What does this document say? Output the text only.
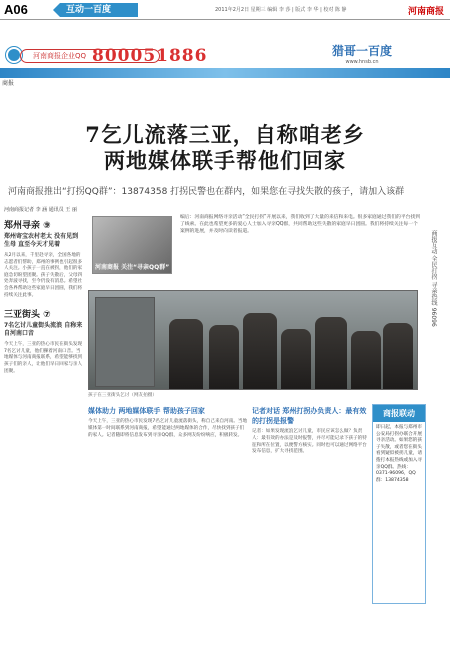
A06	互动一百度	2011年2月2日 星期三 编辑 李 莎 | 版式 李 华 | 校对 陈 静	河南商报
河南商报企业QQ 800051886	猎哥一百度
www.hnsb.cn
商报
7乞儿流落三亚，自称咱老乡
两地媒体联手帮他们回家
河南商报推出“打拐QQ群”：13874358 打拐民警也在群内，如果您在寻找失散的孩子，请加入该群
河南商报记者 李 涵 通讯员 王 丽
郑州寻亲 ⑨
郑州寄宝农村老太 没有见到生母 直至今天才见着
从2月以来，千里赴寻亲，全国各地的志愿者们帮助，郑州的事例也引起很多人关注。小孩子一直在被拐，他们的家庭急切盼望团聚。孩子失散后，父母四处奔波寻找，至今仍没有消息。希望社会各界帮助这些家庭早日团圆，我们将持续关注此事。
三亚街头 ⑦
7名乞讨儿童街头流浪 自称来自河南口音
今天上午，三亚的热心市民在街头发现7名乞讨儿童，他们操着河南口音。当地媒体与河南商报联系，希望能够找到孩子们的亲人，让他们早日回家与亲人团聚。
河南商报 关注“寻亲QQ群”
编后：河南商报网络寻亲活动“全民打拐”开展以来，我们收到了大量的来信和来电。很多家庭通过我们的平台找到了线索。在此也希望更多的爱心人士加入寻亲QQ群，共同帮助这些失散的家庭早日团圆。我们将持续关注每一个案例的进展，并及时向读者报道。
孩子在三亚街头乞讨（网友拍摄）
媒体助力 两地媒体联手 帮助孩子回家
今天上午，三亚的热心市民发现7名乞讨儿童流落街头，称自己来自河南。当地媒体第一时间联系到河南商报，希望能通过两地媒体的合作，尽快找到孩子们的家人。记者随即将信息发布到寻亲QQ群，众多网友纷纷响应，积极转发。
记者对话 郑州打拐办负责人：最有效的打拐是报警
记者：如果发现流浪乞讨儿童，市民应该怎么做？负责人：最有效的办法是及时报警，并尽可能记录下孩子的特征和所在位置，以便警方核实。同时也可以通过网络平台发布信息，扩大寻找范围。
商报联动
即日起，本报与郑州市公安局打拐办联合开展寻亲活动。如果您的孩子失散，或者您在街头看到疑似被拐儿童，请拨打本报热线或加入寻亲QQ群。热线：0371-96096，QQ群：13874358
商报互动 全民打拐 寻亲热线 96096
